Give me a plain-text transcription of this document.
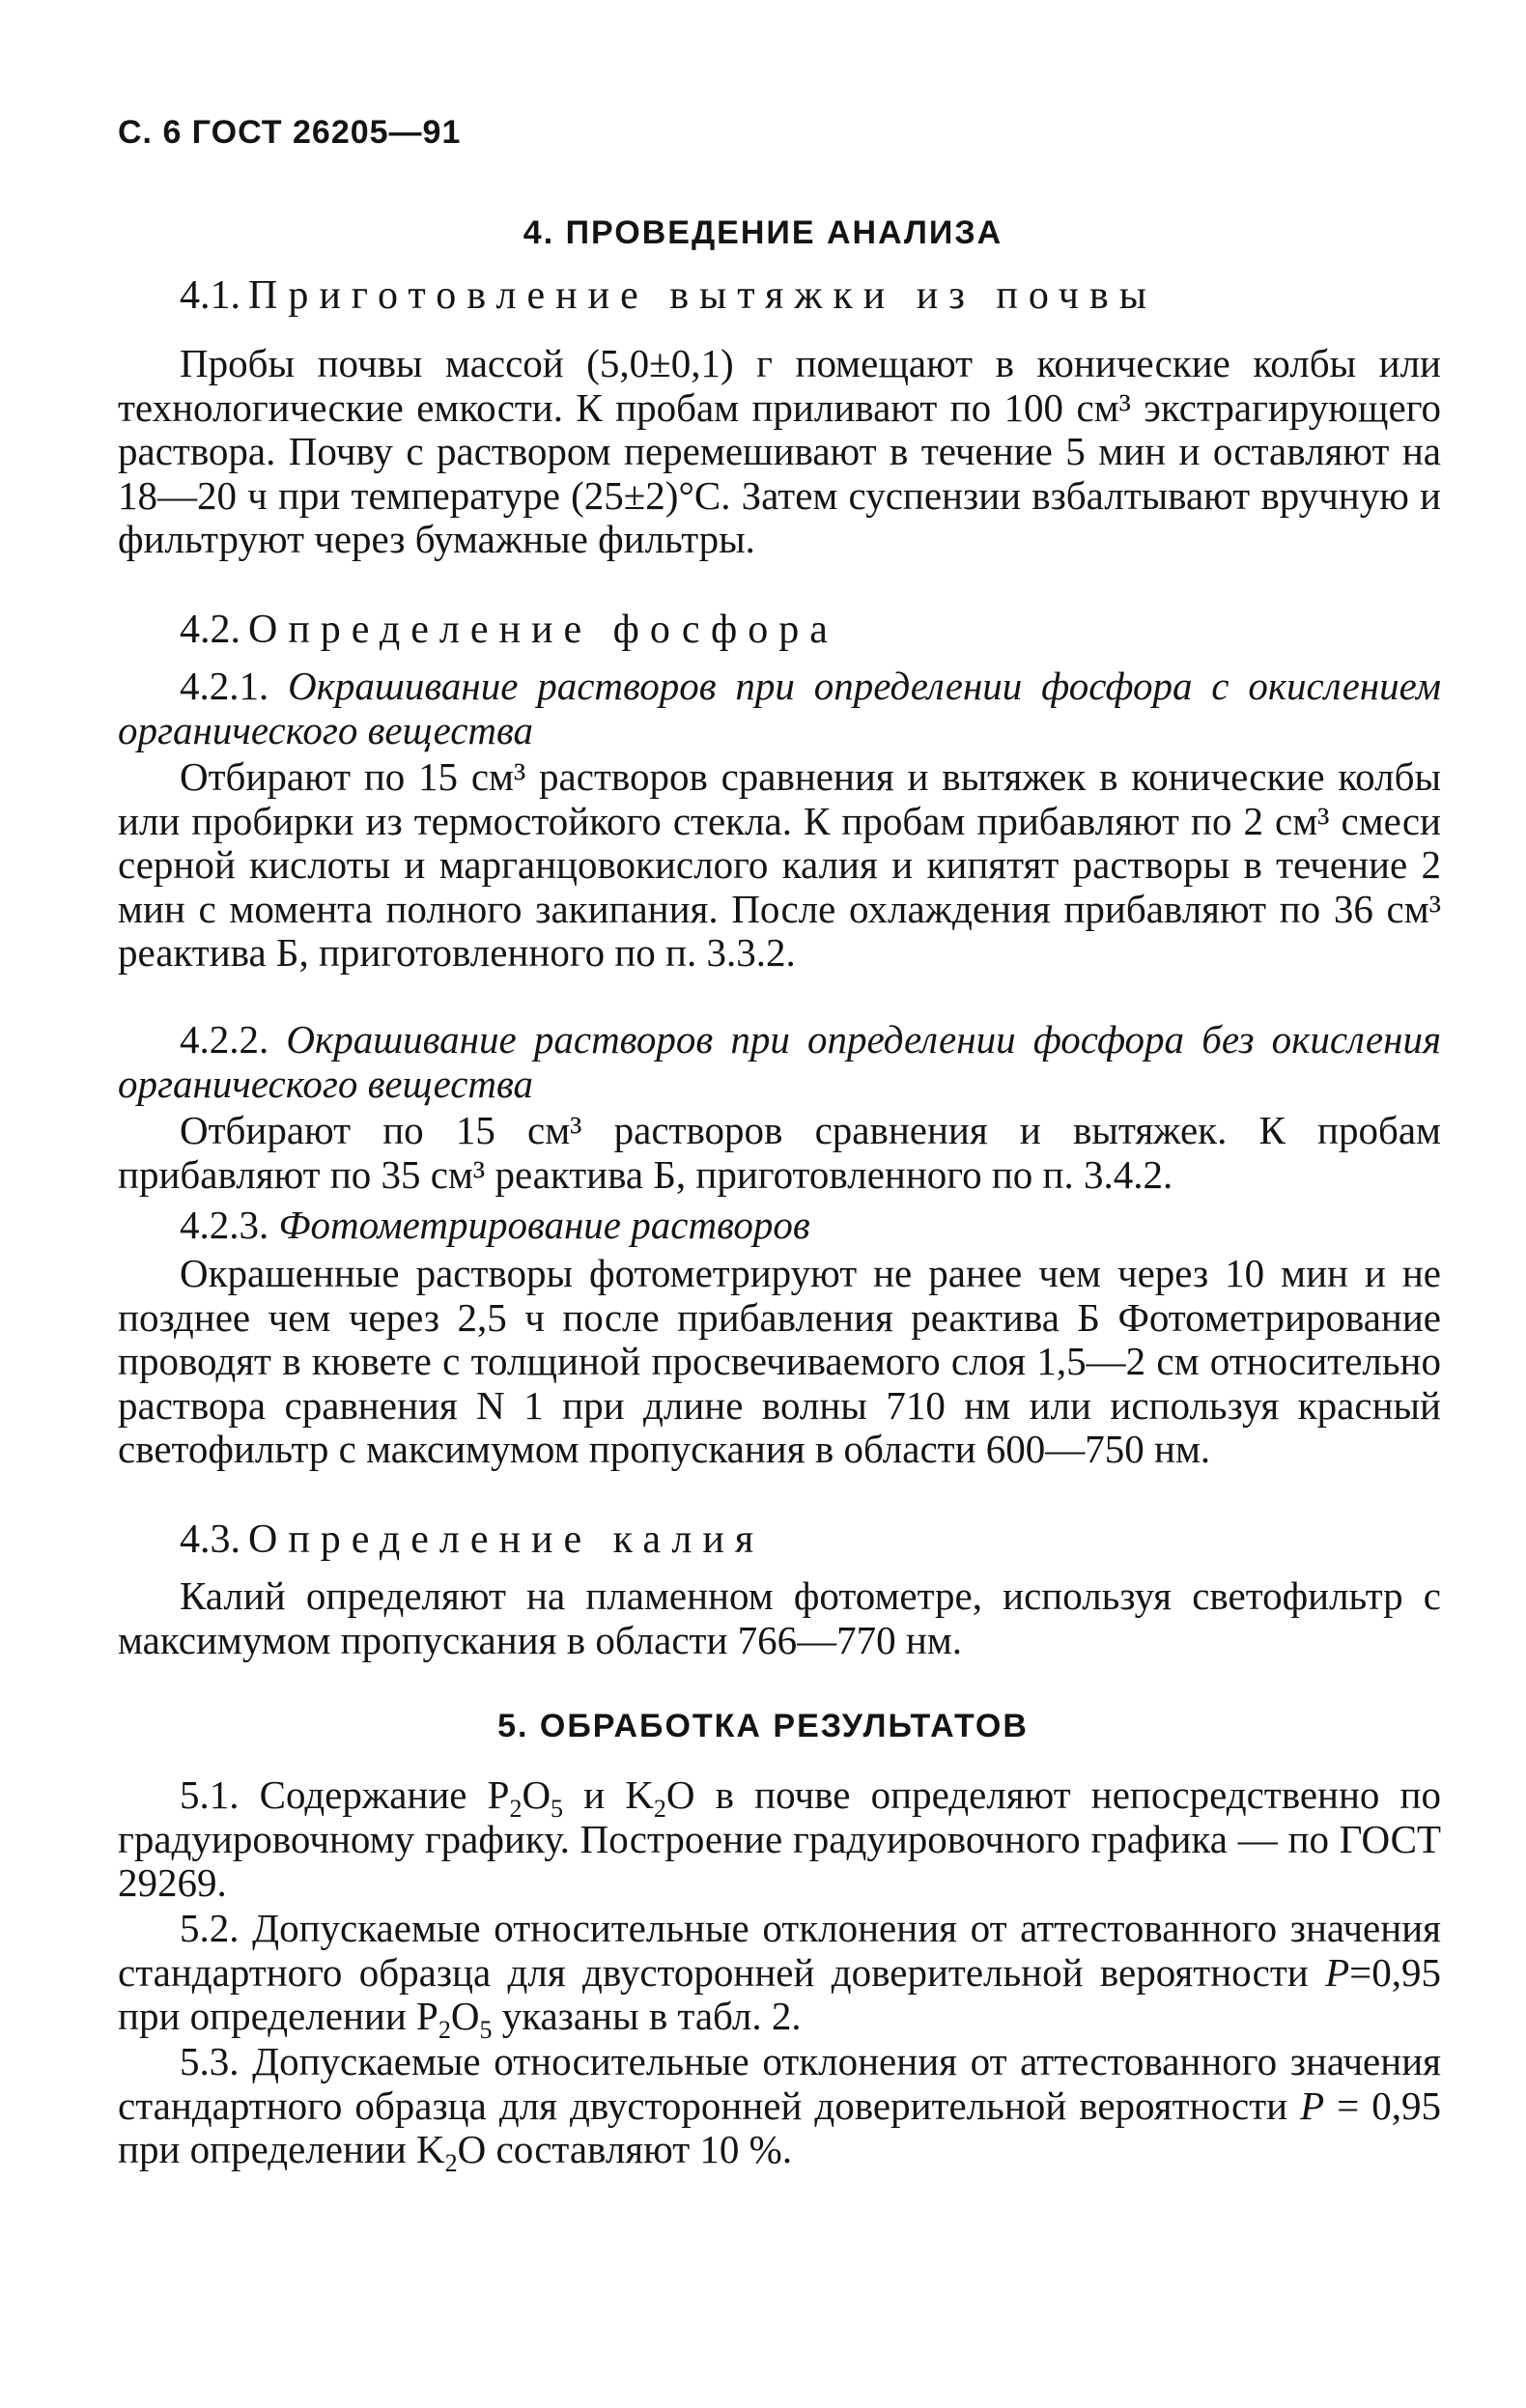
С. 6 ГОСТ 26205—91
4. ПРОВЕДЕНИЕ АНАЛИЗА
4.1. Приготовление вытяжки из почвы

Пробы почвы массой (5,0±0,1) г помещают в конические колбы или технологические емкости. К пробам приливают по 100 см³ экстрагирующего раствора. Почву с раствором перемешивают в течение 5 мин и оставляют на 18—20 ч при температуре (25±2)°С. Затем суспензии взбалтывают вручную и фильтруют через бумажные фильтры.

4.2. Определение фосфора

4.2.1. Окрашивание растворов при определении фосфора с окислением органического вещества

Отбирают по 15 см³ растворов сравнения и вытяжек в конические колбы или пробирки из термостойкого стекла. К пробам прибавляют по 2 см³ смеси серной кислоты и марганцовокислого калия и кипятят растворы в течение 2 мин с момента полного закипания. После охлаждения прибавляют по 36 см³ реактива Б, приготовленного по п. 3.3.2.

4.2.2. Окрашивание растворов при определении фосфора без окисления органического вещества

Отбирают по 15 см³ растворов сравнения и вытяжек. К пробам прибавляют по 35 см³ реактива Б, приготовленного по п. 3.4.2.

4.2.3. Фотометрирование растворов

Окрашенные растворы фотометрируют не ранее чем через 10 мин и не позднее чем через 2,5 ч после прибавления реактива Б Фотометрирование проводят в кювете с толщиной просвечиваемого слоя 1,5—2 см относительно раствора сравнения N 1 при длине волны 710 нм или используя красный светофильтр с максимумом пропускания в области 600—750 нм.

4.3. Определение калия

Калий определяют на пламенном фотометре, используя светофильтр с максимумом пропускания в области 766—770 нм.

5. ОБРАБОТКА РЕЗУЛЬТАТОВ

5.1. Содержание $P_2O_5$ и $K_2O$ в почве определяют непосредственно по градуировочному графику. Построение градуировочного графика — по ГОСТ 29269.

5.2. Допускаемые относительные отклонения от аттестованного значения стандартного образца для двусторонней доверительной вероятности P=0,95 при определении $P_2O_5$ указаны в табл. 2.

5.3. Допускаемые относительные отклонения от аттестованного значения стандартного образца для двусторонней доверительной вероятности P = 0,95 при определении $K_2O$ составляют 10 %.
